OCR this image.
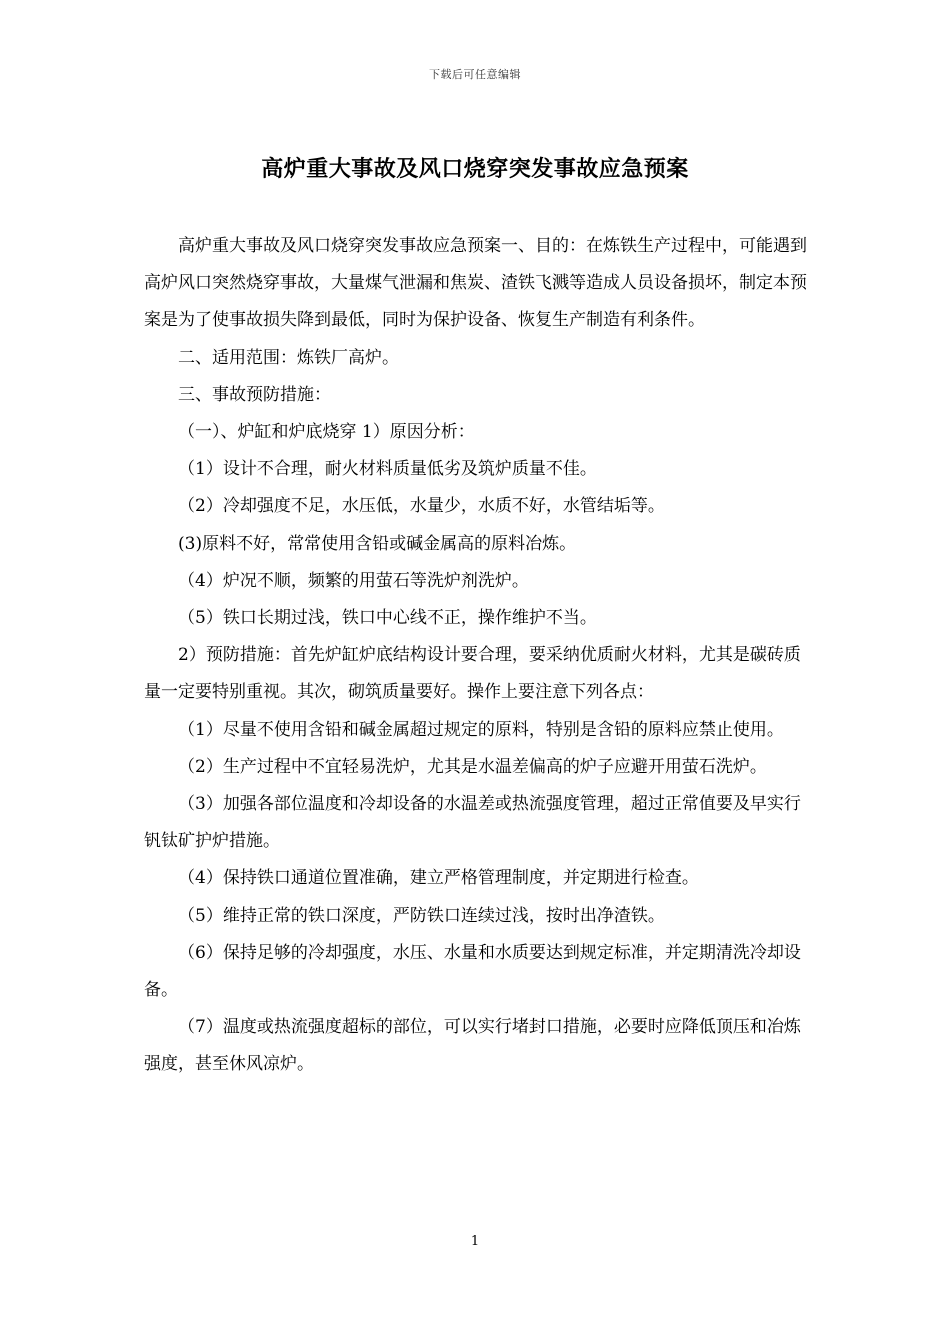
下载后可任意编辑
高炉重大事故及风口烧穿突发事故应急预案

高炉重大事故及风口烧穿突发事故应急预案一、目的：在炼铁生产过程中，可能遇到高炉风口突然烧穿事故，大量煤气泄漏和焦炭、渣铁飞溅等造成人员设备损坏，制定本预案是为了使事故损失降到最低，同时为保护设备、恢复生产制造有利条件。

二、适用范围：炼铁厂高炉。

三、事故预防措施：

（一）、炉缸和炉底烧穿 1）原因分析：

（1）设计不合理，耐火材料质量低劣及筑炉质量不佳。

（2）冷却强度不足，水压低，水量少，水质不好，水管结垢等。

(3)原料不好，常常使用含铅或碱金属高的原料冶炼。

（4）炉况不顺，频繁的用萤石等洗炉剂洗炉。

（5）铁口长期过浅，铁口中心线不正，操作维护不当。

2）预防措施：首先炉缸炉底结构设计要合理，要采纳优质耐火材料，尤其是碳砖质量一定要特别重视。其次，砌筑质量要好。操作上要注意下列各点：

（1）尽量不使用含铅和碱金属超过规定的原料，特别是含铅的原料应禁止使用。

（2）生产过程中不宜轻易洗炉，尤其是水温差偏高的炉子应避开用萤石洗炉。

（3）加强各部位温度和冷却设备的水温差或热流强度管理，超过正常值要及早实行钒钛矿护炉措施。

（4）保持铁口通道位置准确，建立严格管理制度，并定期进行检查。

（5）维持正常的铁口深度，严防铁口连续过浅，按时出净渣铁。

（6）保持足够的冷却强度，水压、水量和水质要达到规定标准，并定期清洗冷却设备。

（7）温度或热流强度超标的部位，可以实行堵封口措施，必要时应降低顶压和冶炼强度，甚至休风凉炉。

1
